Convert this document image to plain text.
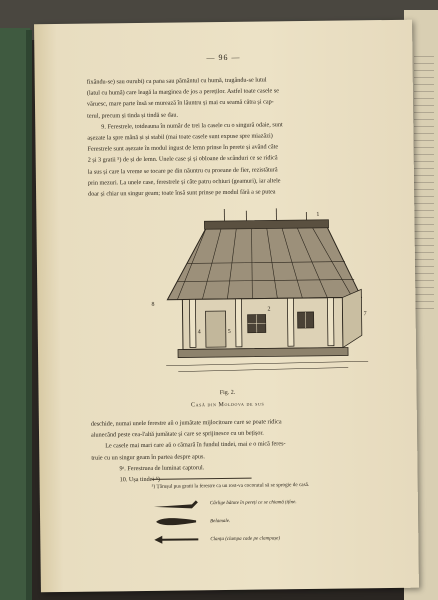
— 96 —

fixându-se) sau ourubi) ca pana sau pământul cu humă, tragându-se lutul

(latul cu humă) care leagă la marginea de jos a pereților. Astfel toate casele se

văruesc, mare parte însă se murează în lăuntru și mai cu seamă cătra și cap-

terul, precum și tinda și tindă se dau.

9. Ferestrele, totdeauna în număr de trei la casele cu o singură odaie, sunt

așezate la spre mână și și stabil (mai toate casele sunt expuse spre miazăzi)

Ferestrele sunt așezate în modul ingust de lemn prinse în perete și având câte

2 și 3 gratii ⁵) de și de lemn. Unele case și și obloane de scânduri ce se ridică

la sus și care la vreme se tocare pe din năuntru cu proeane de fier, rezistătură

prin mezuri. La unele case, ferestrele și câte patru ochiuri (geamuri), iar altele

doar și chiar un singur geam; toate însă sunt prinse pe modul fără a se putea

8
4	5
2
7
1
Fig. 2.
Casă din Moldova de sus

deschide, numai unele ferestre aŭ o jumătate mijlocitoare care se poate ridica

alunecând peste cea-l'altă jumătate și care se sprijinesce cu un bețișor.

Le casele mai mari care aŭ o cămară în fundul tindei, mai e o mică feres-

truie cu un singur geam în partea despre apus.

9ᵃ. Ferestruea de luminat captorul.

10. Ușa tindei ⁶)

⁵) Țărușul pus gratii la ferestre ca un rost-va cocoratul să se sprogie de casă.
Cârlige bătute în pereți ce se chiamă țițîne.
Belamale.
Clanța (clampa cade pe clampușe)
